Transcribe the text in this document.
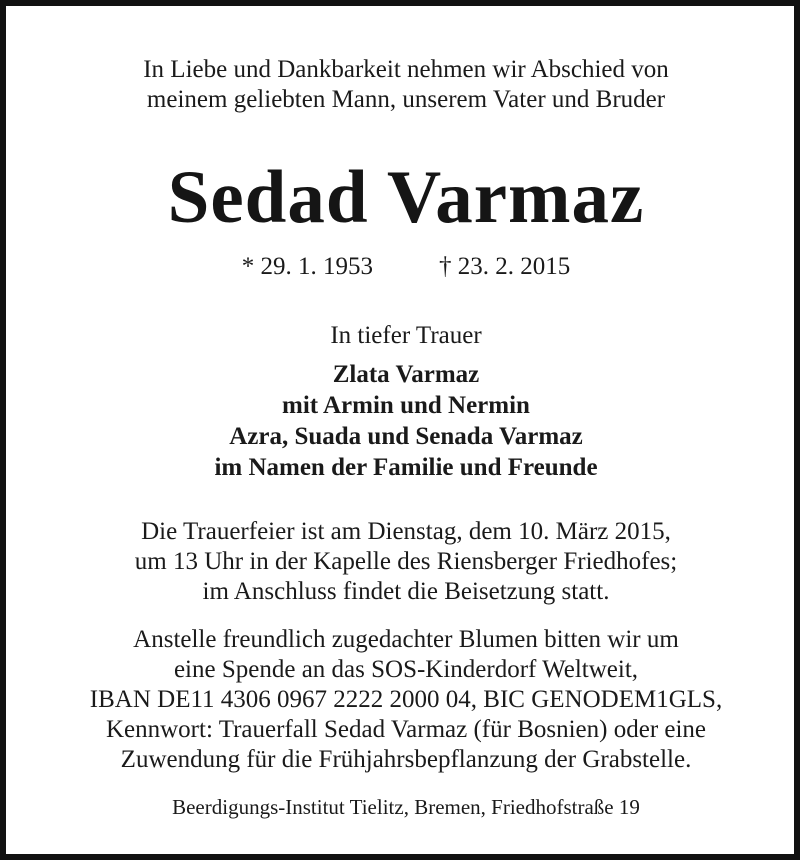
In Liebe und Dankbarkeit nehmen wir Abschied von
meinem geliebten Mann, unserem Vater und Bruder
Sedad Varmaz
* 29. 1. 1953	† 23. 2. 2015
In tiefer Trauer
Zlata Varmaz
mit Armin und Nermin
Azra, Suada und Senada Varmaz
im Namen der Familie und Freunde
Die Trauerfeier ist am Dienstag, dem 10. März 2015,
um 13 Uhr in der Kapelle des Riensberger Friedhofes;
im Anschluss findet die Beisetzung statt.
Anstelle freundlich zugedachter Blumen bitten wir um
eine Spende an das SOS-Kinderdorf Weltweit,
IBAN DE11 4306 0967 2222 2000 04, BIC GENODEM1GLS,
Kennwort: Trauerfall Sedad Varmaz (für Bosnien) oder eine
Zuwendung für die Frühjahrsbepflanzung der Grabstelle.
Beerdigungs-Institut Tielitz, Bremen, Friedhofstraße 19
